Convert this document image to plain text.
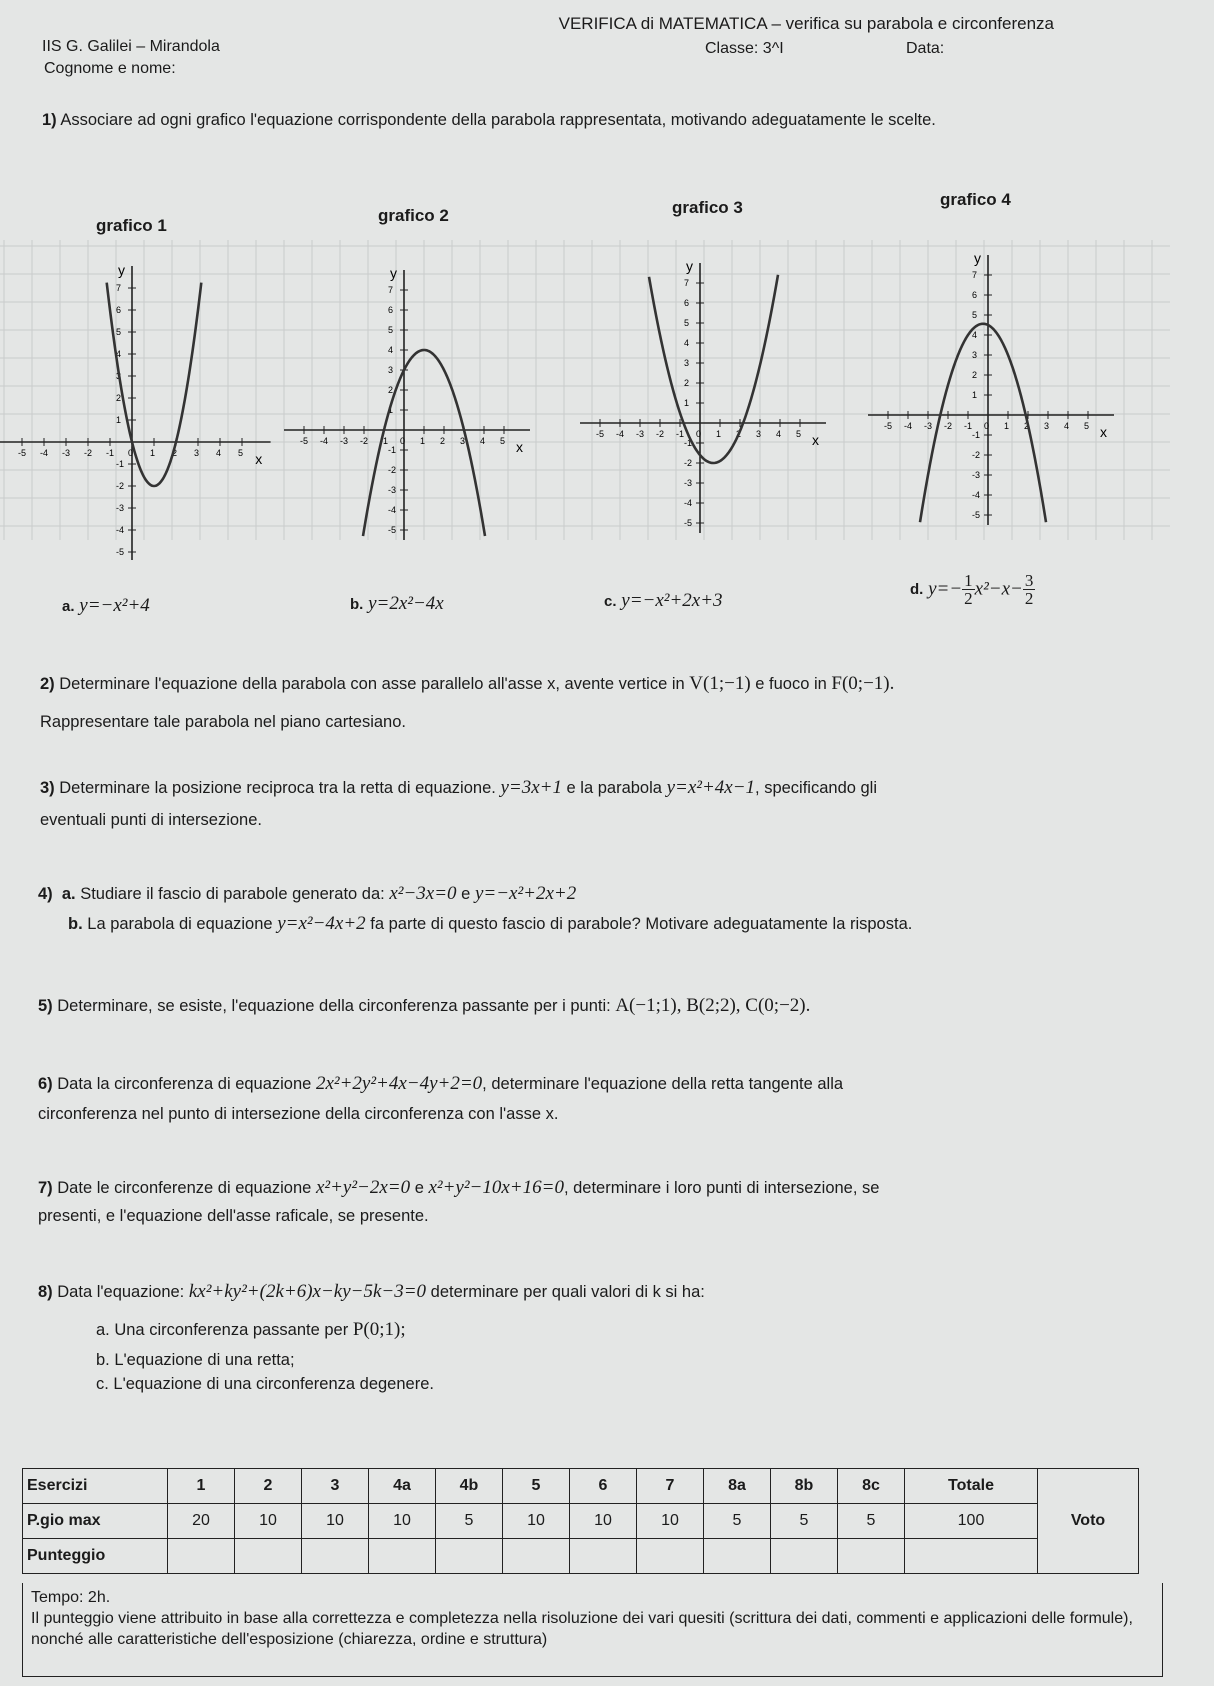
IIS G. Galilei – Mirandola
VERIFICA di MATEMATICA – verifica su parabola e circonferenza
Cognome e nome:
Classe: 3^I	Data:
1) Associare ad ogni grafico l'equazione corrispondente della parabola rappresentata, motivando adeguatamente le scelte.
grafico 1
grafico 2	grafico 3	grafico 4
x
y
-5 -4 -3 -2 -1 0 1 2 3 4 5
7
6
5
4
3
2
1
-1
-2
-3
-4
-5
x
y
-5 -4 -3 -2 -1 0 1 2 3 4 5
7
6
5
4
3
2
1
-1
-2
-3
-4
-5
x
y
-5 -4 -3 -2 -1 0 1 2 3 4 5
7
6
5
4
3
2
1
-1
-2
-3
-4
-5
x
y
-5 -4 -3 -2 -1 0 1 2 3 4 5
7
6
5
4
3
2
1
-1
-2
-3
-4
-5
a. y=−x²+4	b. y=2x²−4x	c. y=−x²+2x+3
d. $y=- \frac{1}{2} x^2-x- \frac{3}{2}$
2) Determinare l'equazione della parabola con asse parallelo all'asse x, avente vertice in V(1;−1) e fuoco in F(0;−1).
Rappresentare tale parabola nel piano cartesiano.
3) Determinare la posizione reciproca tra la retta di equazione. y=3x+1 e la parabola y=x²+4x−1, specificando gli
eventuali punti di intersezione.
4) a. Studiare il fascio di parabole generato da: x²−3x=0 e y=−x²+2x+2
b. La parabola di equazione y=x²−4x+2 fa parte di questo fascio di parabole? Motivare adeguatamente la risposta.
5) Determinare, se esiste, l'equazione della circonferenza passante per i punti: A(−1;1), B(2;2), C(0;−2).
6) Data la circonferenza di equazione 2x²+2y²+4x−4y+2=0, determinare l'equazione della retta tangente alla
circonferenza nel punto di intersezione della circonferenza con l'asse x.
7) Date le circonferenze di equazione x²+y²−2x=0 e x²+y²−10x+16=0, determinare i loro punti di intersezione, se
presenti, e l'equazione dell'asse raficale, se presente.
8) Data l'equazione: kx²+ky²+(2k+6)x−ky−5k−3=0 determinare per quali valori di k si ha:
a. Una circonferenza passante per P(0;1);
b. L'equazione di una retta;
c. L'equazione di una circonferenza degenere.
Esercizi	1	2	3	4a	4b	5	6	7	8a	8b	8c	Totale	Voto
P.gio max	20	10	10	10	5	10	10	10	5	5	5	100	
Punteggio													
Tempo: 2h.
Il punteggio viene attribuito in base alla correttezza e completezza nella risoluzione dei vari quesiti (scrittura dei dati, commenti e applicazioni delle formule), nonché alle caratteristiche dell'esposizione (chiarezza, ordine e struttura)
